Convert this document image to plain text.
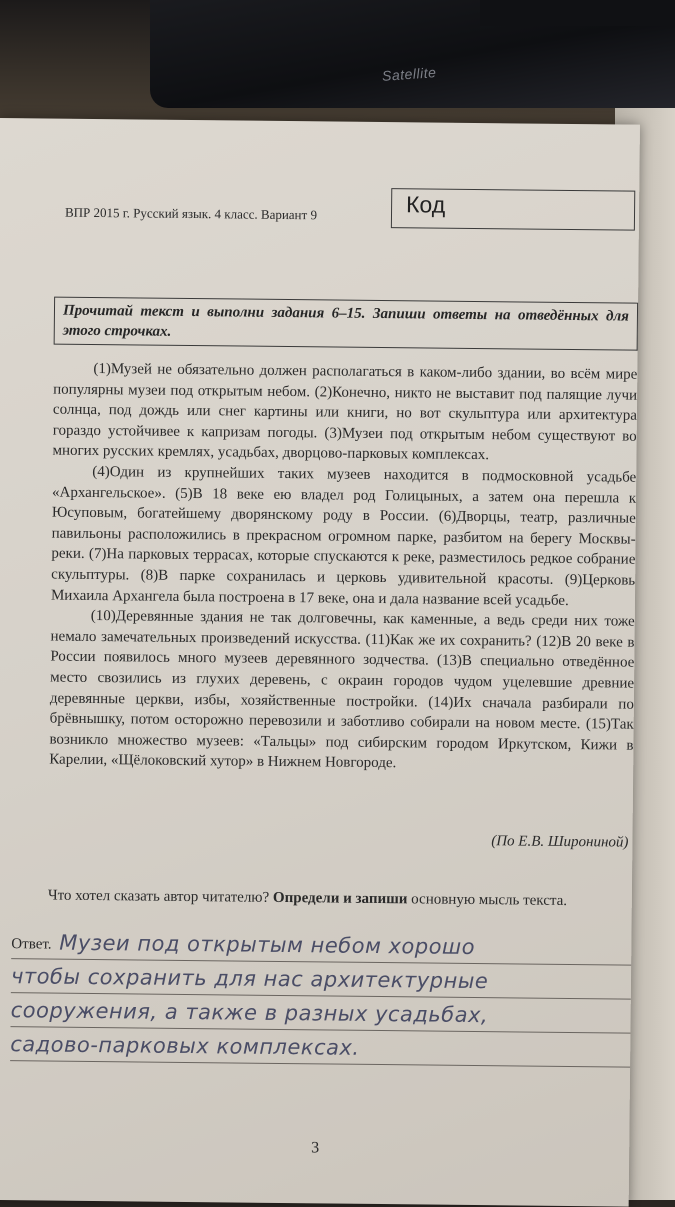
Satellite
ВПР 2015 г. Русский язык. 4 класс. Вариант 9	Код
Прочитай текст и выполни задания 6–15. Запиши ответы на отведённых для этого строчках.

(1)Музей не обязательно должен располагаться в каком-либо здании, во всём мире популярны музеи под открытым небом. (2)Конечно, никто не выставит под палящие лучи солнца, под дождь или снег картины или книги, но вот скульптура или архитектура гораздо устойчивее к капризам погоды. (3)Музеи под открытым небом существуют во многих русских кремлях, усадьбах, дворцово-парковых комплексах.

(4)Один из крупнейших таких музеев находится в подмосковной усадьбе «Архангельское». (5)В 18 веке ею владел род Голицыных, а затем она перешла к Юсуповым, богатейшему дворянскому роду в России. (6)Дворцы, театр, различные павильоны расположились в прекрасном огромном парке, разбитом на берегу Москвы-реки. (7)На парковых террасах, которые спускаются к реке, разместилось редкое собрание скульптуры. (8)В парке сохранилась и церковь удивительной красоты. (9)Церковь Михаила Архангела была построена в 17 веке, она и дала название всей усадьбе.

(10)Деревянные здания не так долговечны, как каменные, а ведь среди них тоже немало замечательных произведений искусства. (11)Как же их сохранить? (12)В 20 веке в России появилось много музеев деревянного зодчества. (13)В специально отведённое место свозились из глухих деревень, с окраин городов чудом уцелевшие древние деревянные церкви, избы, хозяйственные постройки. (14)Их сначала разбирали по брёвнышку, потом осторожно перевозили и заботливо собирали на новом месте. (15)Так возникло множество музеев: «Тальцы» под сибирским городом Иркутском, Кижи в Карелии, «Щёлоковский хутор» в Нижнем Новгороде.

(По Е.В. Широниной)
Что хотел сказать автор читателю? Определи и запиши основную мысль текста.
Ответ. Музеи под открытым небом хорошо
чтобы сохранить для нас архитектурные
сооружения, а также в разных усадьбах,
садово-парковых комплексах.
3
